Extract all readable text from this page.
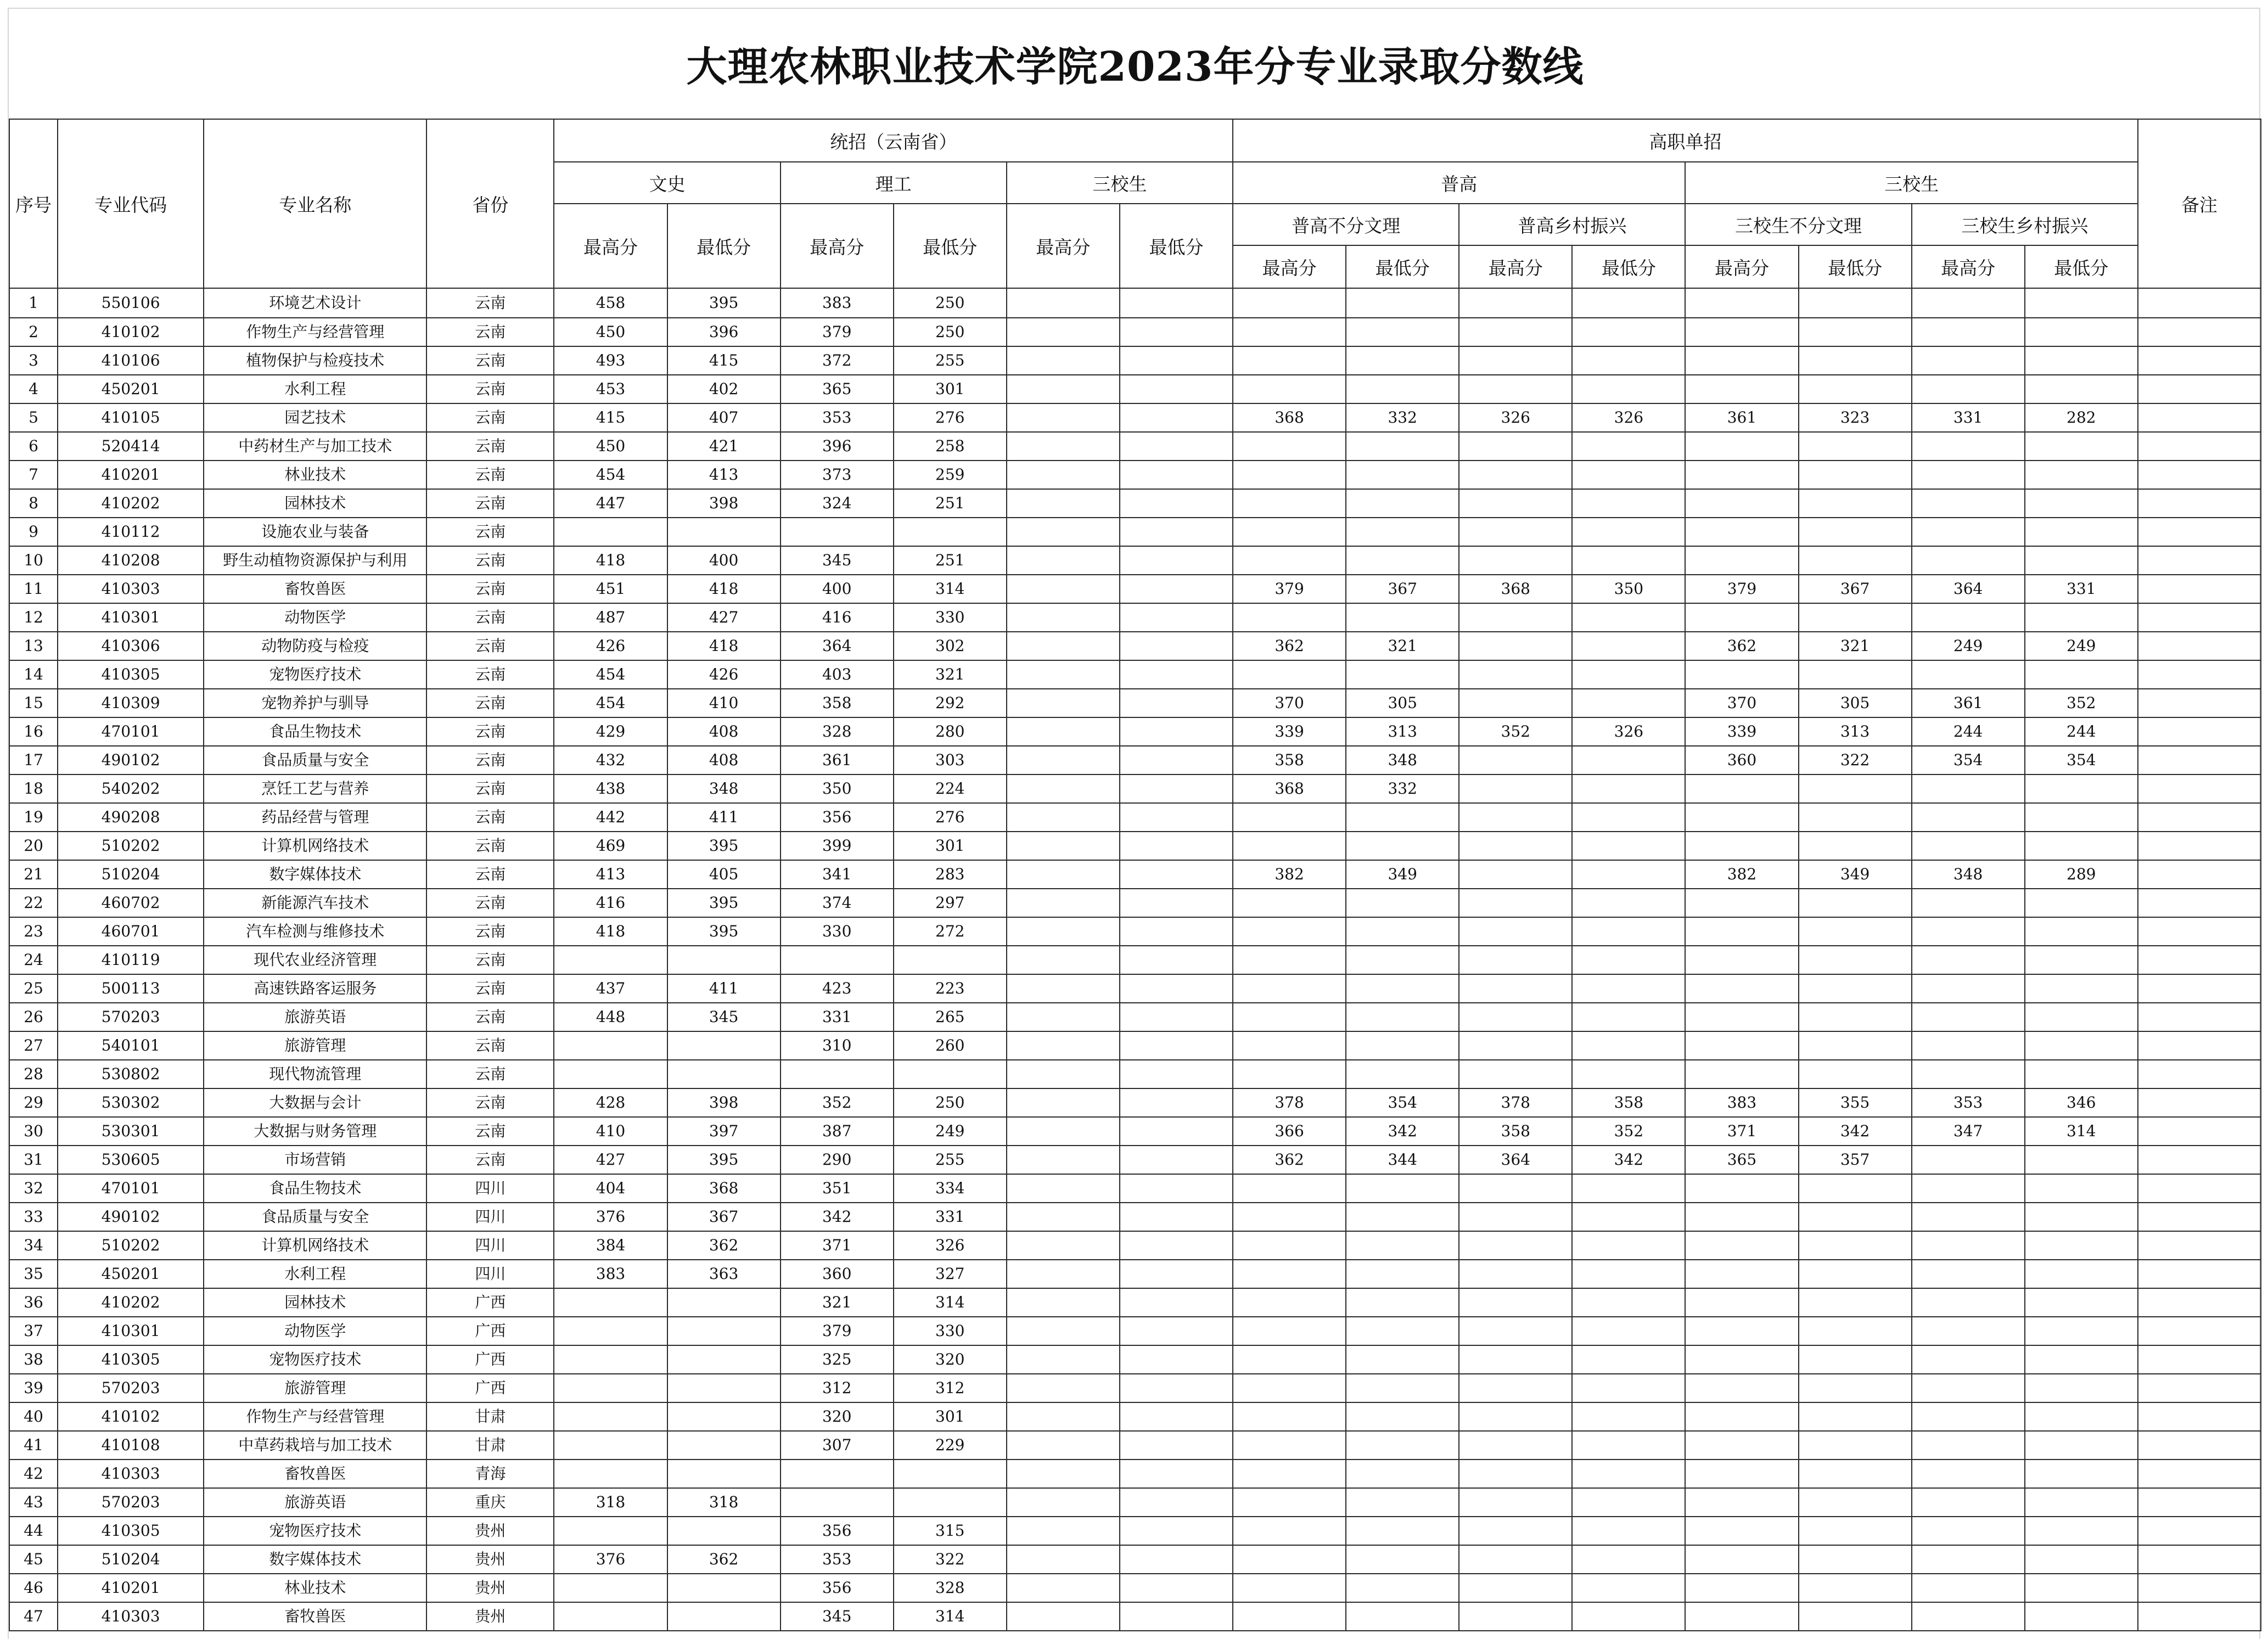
大理农林职业技术学院2023年分专业录取分数线
序号	专业代码	专业名称	省份	统招（云南省）						高职单招								备注
				文史		理工		三校生		普高				三校生				
				最高分	最低分	最高分	最低分	最高分	最低分	普高不分文理		普高乡村振兴		三校生不分文理		三校生乡村振兴		
										最高分	最低分	最高分	最低分	最高分	最低分	最高分	最低分	
1	550106	环境艺术设计	云南	458	395	383	250											
2	410102	作物生产与经营管理	云南	450	396	379	250											
3	410106	植物保护与检疫技术	云南	493	415	372	255											
4	450201	水利工程	云南	453	402	365	301											
5	410105	园艺技术	云南	415	407	353	276			368	332	326	326	361	323	331	282	
6	520414	中药材生产与加工技术	云南	450	421	396	258											
7	410201	林业技术	云南	454	413	373	259											
8	410202	园林技术	云南	447	398	324	251											
9	410112	设施农业与装备	云南															
10	410208	野生动植物资源保护与利用	云南	418	400	345	251											
11	410303	畜牧兽医	云南	451	418	400	314			379	367	368	350	379	367	364	331	
12	410301	动物医学	云南	487	427	416	330											
13	410306	动物防疫与检疫	云南	426	418	364	302			362	321			362	321	249	249	
14	410305	宠物医疗技术	云南	454	426	403	321											
15	410309	宠物养护与驯导	云南	454	410	358	292			370	305			370	305	361	352	
16	470101	食品生物技术	云南	429	408	328	280			339	313	352	326	339	313	244	244	
17	490102	食品质量与安全	云南	432	408	361	303			358	348			360	322	354	354	
18	540202	烹饪工艺与营养	云南	438	348	350	224			368	332							
19	490208	药品经营与管理	云南	442	411	356	276											
20	510202	计算机网络技术	云南	469	395	399	301											
21	510204	数字媒体技术	云南	413	405	341	283			382	349			382	349	348	289	
22	460702	新能源汽车技术	云南	416	395	374	297											
23	460701	汽车检测与维修技术	云南	418	395	330	272											
24	410119	现代农业经济管理	云南															
25	500113	高速铁路客运服务	云南	437	411	423	223											
26	570203	旅游英语	云南	448	345	331	265											
27	540101	旅游管理	云南			310	260											
28	530802	现代物流管理	云南															
29	530302	大数据与会计	云南	428	398	352	250			378	354	378	358	383	355	353	346	
30	530301	大数据与财务管理	云南	410	397	387	249			366	342	358	352	371	342	347	314	
31	530605	市场营销	云南	427	395	290	255			362	344	364	342	365	357			
32	470101	食品生物技术	四川	404	368	351	334											
33	490102	食品质量与安全	四川	376	367	342	331											
34	510202	计算机网络技术	四川	384	362	371	326											
35	450201	水利工程	四川	383	363	360	327											
36	410202	园林技术	广西			321	314											
37	410301	动物医学	广西			379	330											
38	410305	宠物医疗技术	广西			325	320											
39	570203	旅游管理	广西			312	312											
40	410102	作物生产与经营管理	甘肃			320	301											
41	410108	中草药栽培与加工技术	甘肃			307	229											
42	410303	畜牧兽医	青海															
43	570203	旅游英语	重庆	318	318													
44	410305	宠物医疗技术	贵州			356	315											
45	510204	数字媒体技术	贵州	376	362	353	322											
46	410201	林业技术	贵州			356	328											
47	410303	畜牧兽医	贵州			345	314											
